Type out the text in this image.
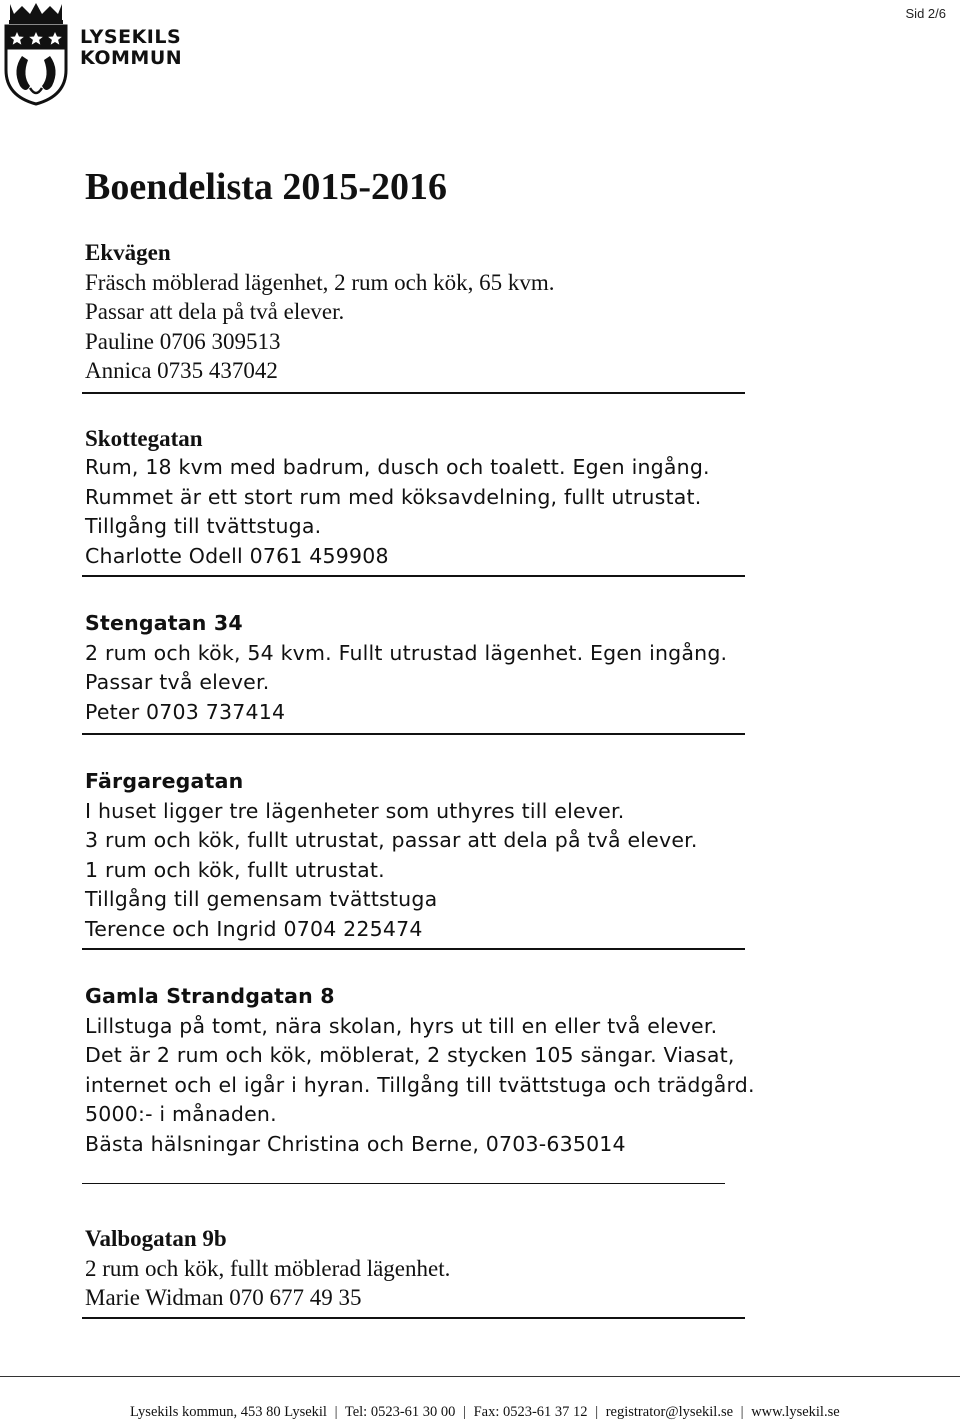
Sid 2/6
LYSEKILS
KOMMUN
Boendelista 2015-2016

Ekvägen

Fräsch möblerad lägenhet, 2 rum och kök, 65 kvm.

Passar att dela på två elever.

Pauline 0706 309513

Annica 0735 437042

Skottegatan

Rum, 18 kvm med badrum, dusch och toalett. Egen ingång.

Rummet är ett stort rum med köksavdelning, fullt utrustat.

Tillgång till tvättstuga.

Charlotte Odell 0761 459908

Stengatan 34

2 rum och kök, 54 kvm. Fullt utrustad lägenhet. Egen ingång.

Passar två elever.

Peter 0703 737414

Färgaregatan

I huset ligger tre lägenheter som uthyres till elever.

3 rum och kök, fullt utrustat, passar att dela på två elever.

1 rum och kök, fullt utrustat.

Tillgång till gemensam tvättstuga

Terence och Ingrid 0704 225474

Gamla Strandgatan 8

Lillstuga på tomt, nära skolan, hyrs ut till en eller två elever.

Det är 2 rum och kök, möblerat, 2 stycken 105 sängar. Viasat,

internet och el igår i hyran. Tillgång till tvättstuga och trädgård.

5000:- i månaden.

Bästa hälsningar Christina och Berne, 0703-635014

Valbogatan 9b

2 rum och kök, fullt möblerad lägenhet.

Marie Widman 070 677 49 35

Lysekils kommun, 453 80 Lysekil | Tel: 0523-61 30 00 | Fax: 0523-61 37 12 | registrator@lysekil.se | www.lysekil.se
